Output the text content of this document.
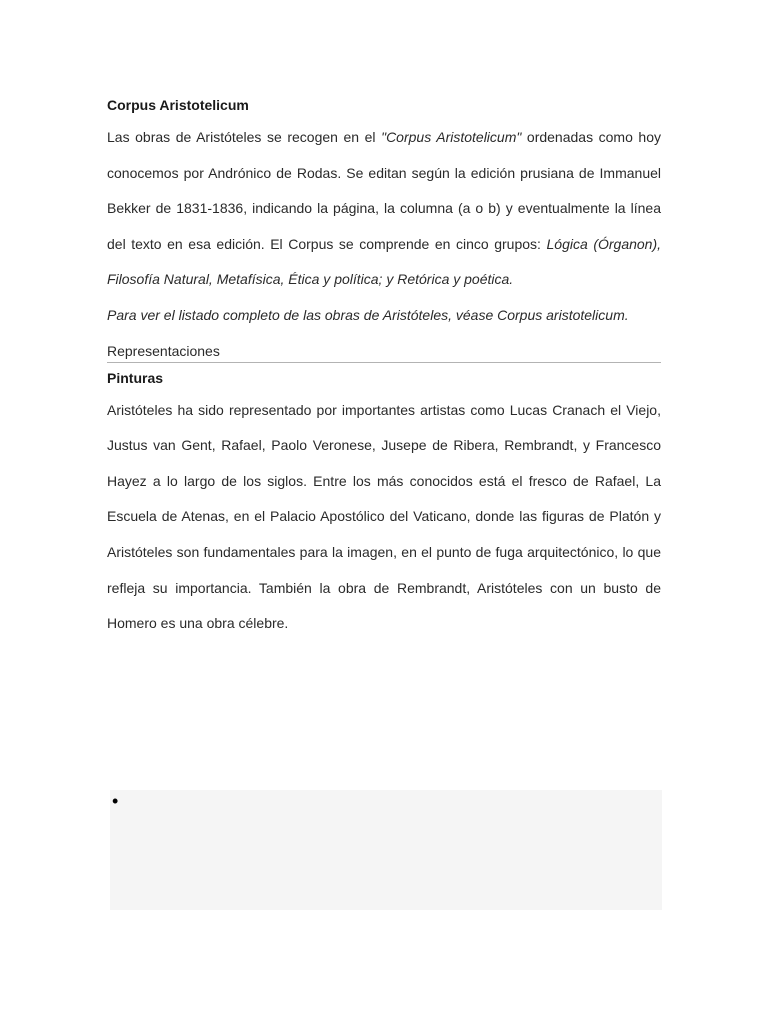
Corpus Aristotelicum

Las obras de Aristóteles se recogen en el "Corpus Aristotelicum" ordenadas como hoy conocemos por Andrónico de Rodas. Se editan según la edición prusiana de Immanuel Bekker de 1831-1836, indicando la página, la columna (a o b) y eventualmente la línea del texto en esa edición. El Corpus se comprende en cinco grupos: Lógica (Órganon), Filosofía Natural, Metafísica, Ética y política; y Retórica y poética.

Para ver el listado completo de las obras de Aristóteles, véase Corpus aristotelicum.

Representaciones
Pinturas

Aristóteles ha sido representado por importantes artistas como Lucas Cranach el Viejo, Justus van Gent, Rafael, Paolo Veronese, Jusepe de Ribera, Rembrandt, y Francesco Hayez a lo largo de los siglos. Entre los más conocidos está el fresco de Rafael, La Escuela de Atenas, en el Palacio Apostólico del Vaticano, donde las figuras de Platón y Aristóteles son fundamentales para la imagen, en el punto de fuga arquitectónico, lo que refleja su importancia. También la obra de Rembrandt, Aristóteles con un busto de Homero es una obra célebre.

•
